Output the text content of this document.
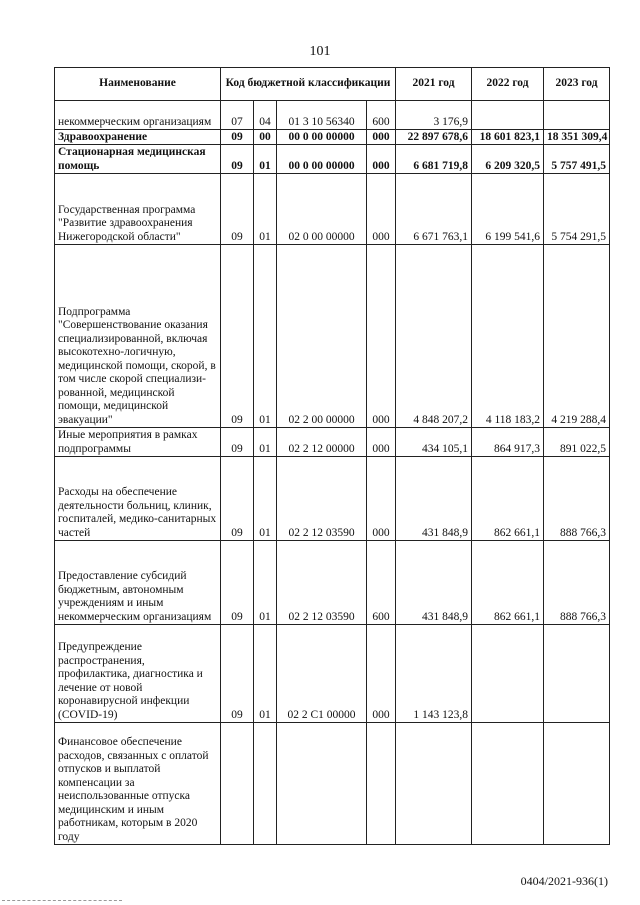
101
Наименование	Код бюджетной классификации				2021 год	2022 год	2023 год
некоммерческим организациям	07	04	01 3 10 56340	600	3 176,9		
Здравоохранение	09	00	00 0 00 00000	000	22 897 678,6	18 601 823,1	18 351 309,4
Стационарная медицинская помощь	09	01	00 0 00 00000	000	6 681 719,8	6 209 320,5	5 757 491,5
Государственная программа "Развитие здравоохранения Нижегородской области"	09	01	02 0 00 00000	000	6 671 763,1	6 199 541,6	5 754 291,5
Подпрограмма "Совершенствование оказания специализированной, включая высокотехно-логичную, медицинской помощи, скорой, в том числе скорой специализи-рованной, медицинской помощи, медицинской эвакуации"	09	01	02 2 00 00000	000	4 848 207,2	4 118 183,2	4 219 288,4
Иные мероприятия в рамках подпрограммы	09	01	02 2 12 00000	000	434 105,1	864 917,3	891 022,5
Расходы на обеспечение деятельности больниц, клиник, госпиталей, медико-санитарных частей	09	01	02 2 12 03590	000	431 848,9	862 661,1	888 766,3
Предоставление субсидий бюджетным, автономным учреждениям и иным некоммерческим организациям	09	01	02 2 12 03590	600	431 848,9	862 661,1	888 766,3
Предупреждение распространения, профилактика, диагностика и лечение от новой коронавирусной инфекции (COVID-19)	09	01	02 2 C1 00000	000	1 143 123,8		
Финансовое обеспечение расходов, связанных с оплатой отпусков и выплатой компенсации за неиспользованные отпуска медицинским и иным работникам, которым в 2020 году							
0404/2021-936(1)
